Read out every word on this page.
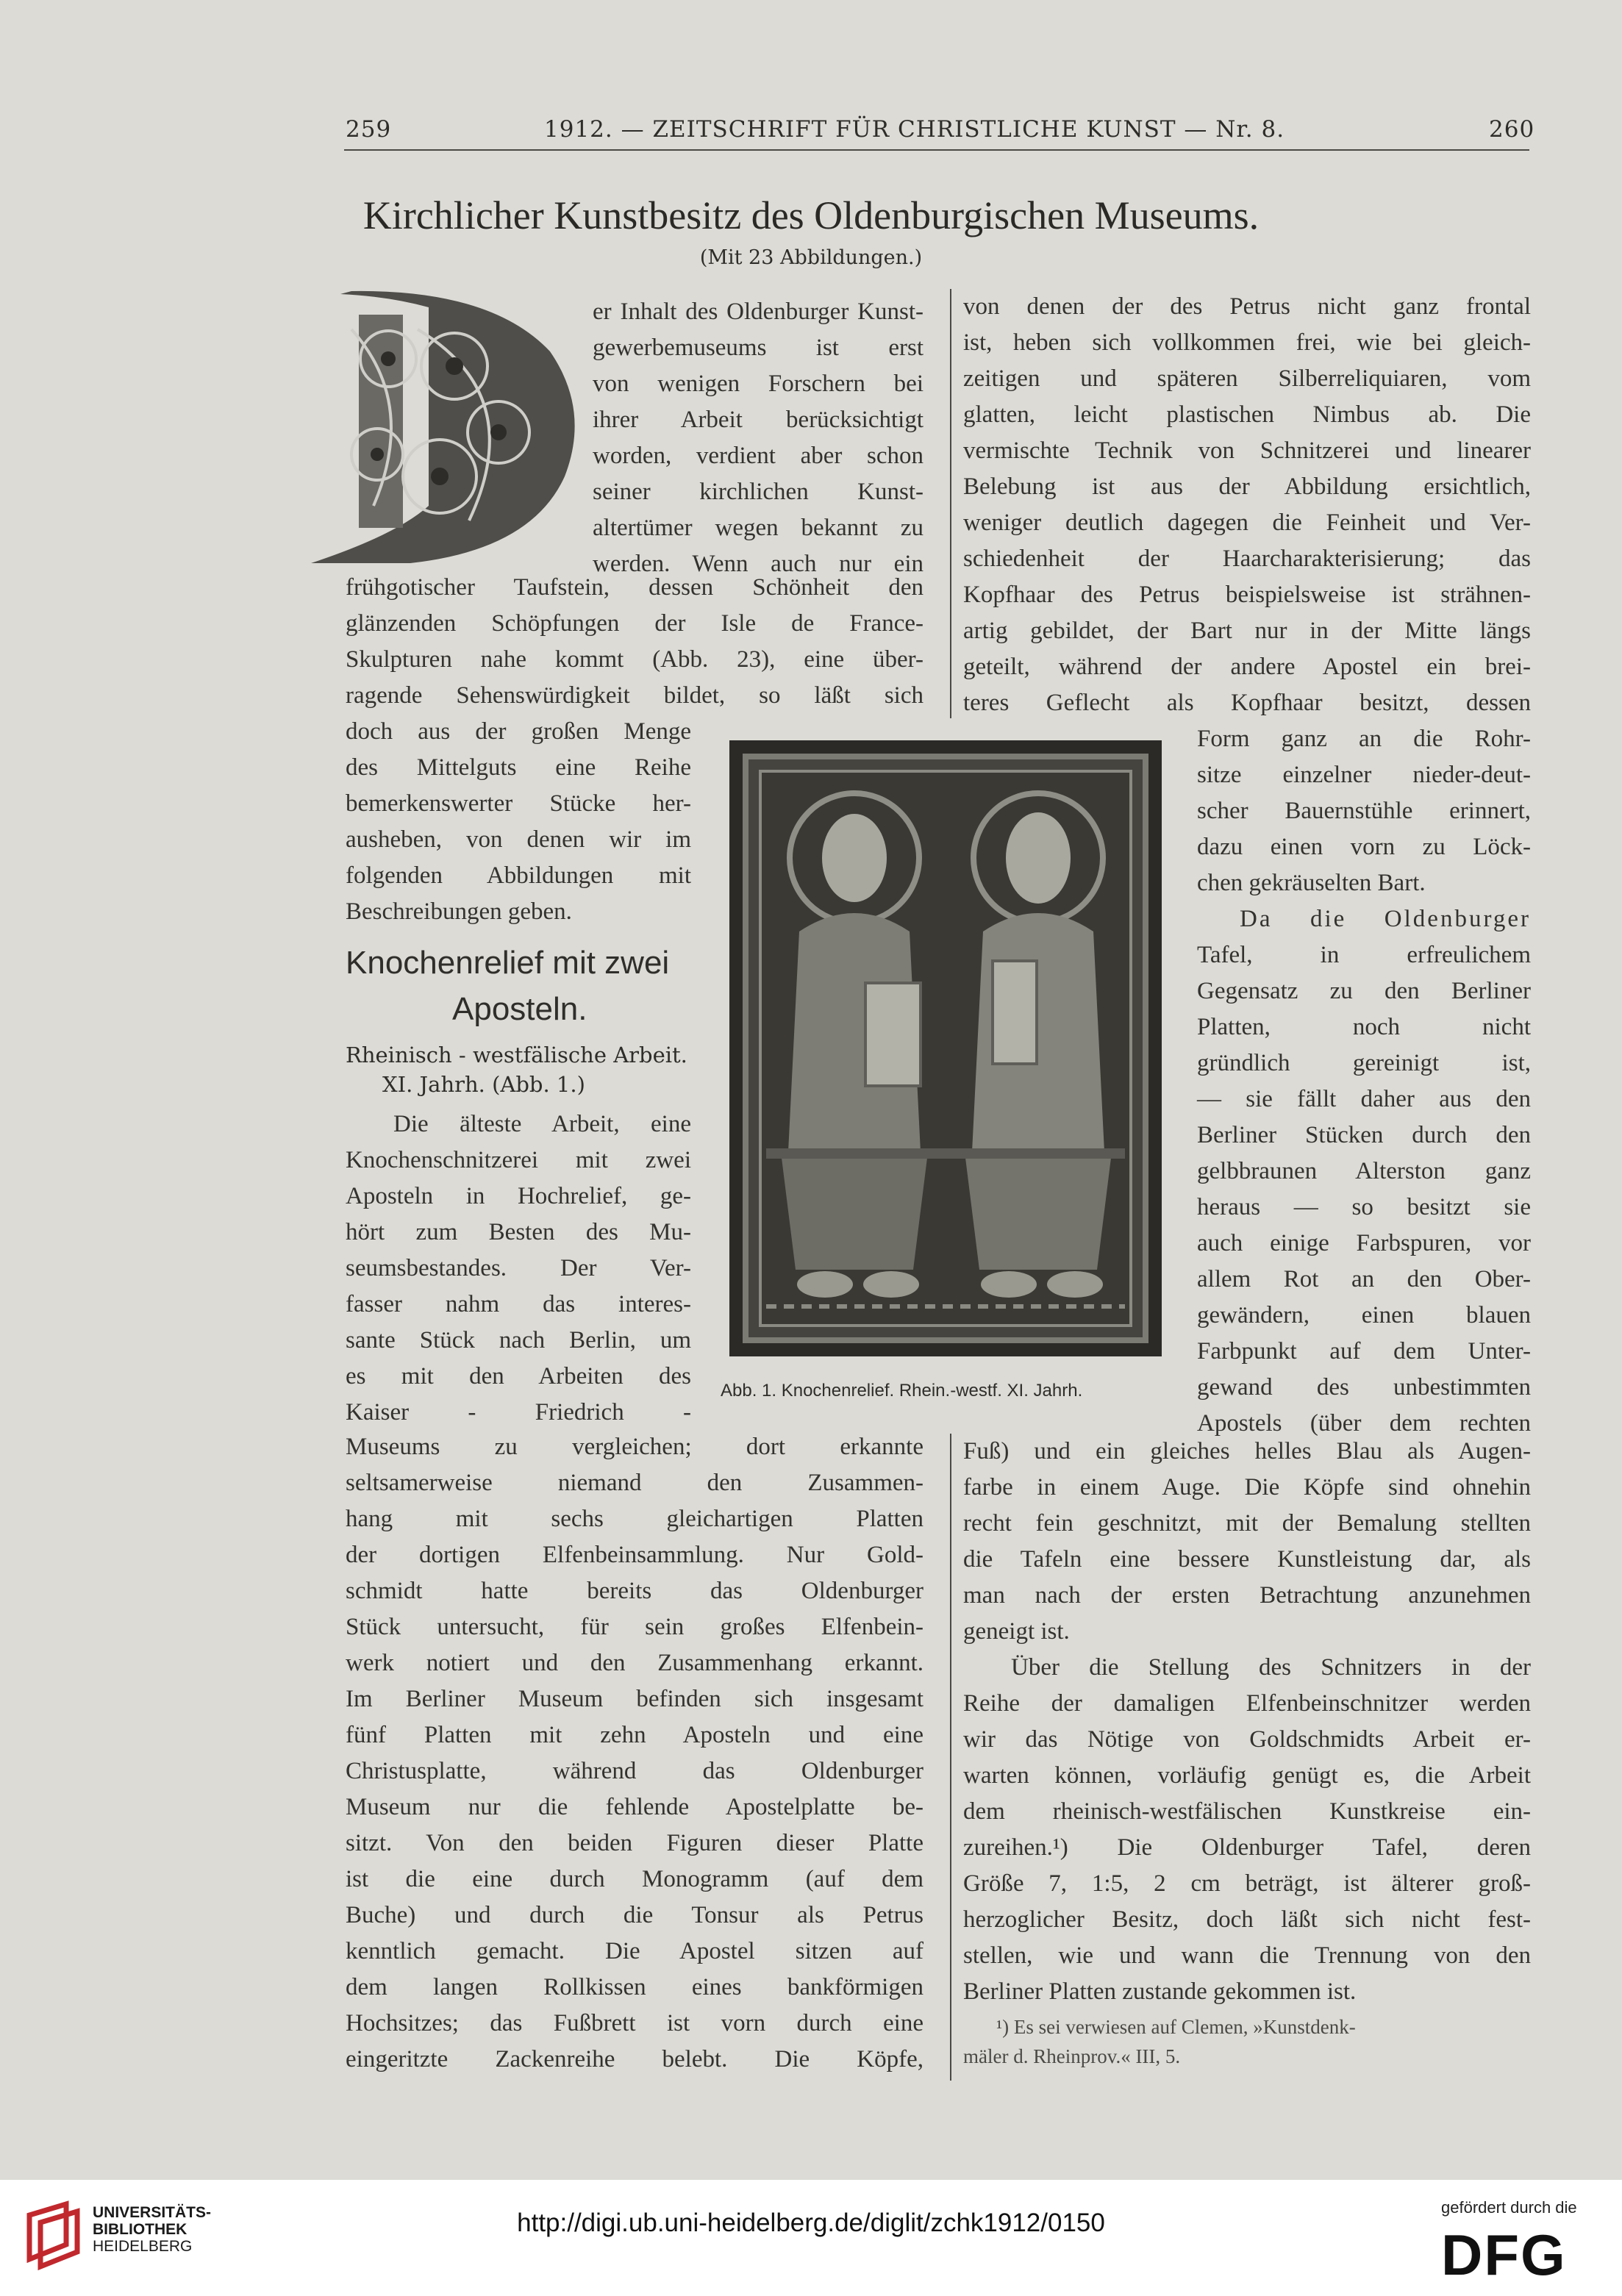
259	1912. — ZEITSCHRIFT FÜR CHRISTLICHE KUNST — Nr. 8.	260
Kirchlicher Kunstbesitz des Oldenburgischen Museums.
(Mit 23 Abbildungen.)
er Inhalt des Oldenburger Kunst-
gewerbemuseums ist erst
von wenigen Forschern bei
ihrer Arbeit berücksichtigt
worden, verdient aber schon
seiner kirchlichen Kunst-
altertümer wegen bekannt zu
werden. Wenn auch nur ein
frühgotischer Taufstein, dessen Schönheit den
glänzenden Schöpfungen der Isle de France-
Skulpturen nahe kommt (Abb. 23), eine über-
ragende Sehenswürdigkeit bildet, so läßt sich
doch aus der großen Menge
des Mittelguts eine Reihe
bemerkenswerter Stücke her-
ausheben, von denen wir im
folgenden Abbildungen mit
Beschreibungen geben.
Knochenrelief mit zwei
Aposteln.
Rheinisch - westfälische Arbeit.
XI. Jahrh. (Abb. 1.)
Die älteste Arbeit, eine
Knochenschnitzerei mit zwei
Aposteln in Hochrelief, ge-
hört zum Besten des Mu-
seumsbestandes. Der Ver-
fasser nahm das interes-
sante Stück nach Berlin, um
es mit den Arbeiten des
Kaiser - Friedrich -
Museums zu vergleichen; dort erkannte
seltsamerweise niemand den Zusammen-
hang mit sechs gleichartigen Platten
der dortigen Elfenbeinsammlung. Nur Gold-
schmidt hatte bereits das Oldenburger
Stück untersucht, für sein großes Elfenbein-
werk notiert und den Zusammenhang erkannt.
Im Berliner Museum befinden sich insgesamt
fünf Platten mit zehn Aposteln und eine
Christusplatte, während das Oldenburger
Museum nur die fehlende Apostelplatte be-
sitzt. Von den beiden Figuren dieser Platte
ist die eine durch Monogramm (auf dem
Buche) und durch die Tonsur als Petrus
kenntlich gemacht. Die Apostel sitzen auf
dem langen Rollkissen eines bankförmigen
Hochsitzes; das Fußbrett ist vorn durch eine
eingeritzte Zackenreihe belebt. Die Köpfe,
von denen der des Petrus nicht ganz frontal
ist, heben sich vollkommen frei, wie bei gleich-
zeitigen und späteren Silberreliquiaren, vom
glatten, leicht plastischen Nimbus ab. Die
vermischte Technik von Schnitzerei und linearer
Belebung ist aus der Abbildung ersichtlich,
weniger deutlich dagegen die Feinheit und Ver-
schiedenheit der Haarcharakterisierung; das
Kopfhaar des Petrus beispielsweise ist strähnen-
artig gebildet, der Bart nur in der Mitte längs
geteilt, während der andere Apostel ein brei-
teres Geflecht als Kopfhaar besitzt, dessen
Form ganz an die Rohr-
sitze einzelner nieder-deut-
scher Bauernstühle erinnert,
dazu einen vorn zu Löck-
chen gekräuselten Bart.
Da die Oldenburger
Tafel, in erfreulichem
Gegensatz zu den Berliner
Platten, noch nicht
gründlich gereinigt ist,
— sie fällt daher aus den
Berliner Stücken durch den
gelbbraunen Alterston ganz
heraus — so besitzt sie
auch einige Farbspuren, vor
allem Rot an den Ober-
gewändern, einen blauen
Farbpunkt auf dem Unter-
gewand des unbestimmten
Apostels (über dem rechten
Fuß) und ein gleiches helles Blau als Augen-
farbe in einem Auge. Die Köpfe sind ohnehin
recht fein geschnitzt, mit der Bemalung stellten
die Tafeln eine bessere Kunstleistung dar, als
man nach der ersten Betrachtung anzunehmen
geneigt ist.
Über die Stellung des Schnitzers in der
Reihe der damaligen Elfenbeinschnitzer werden
wir das Nötige von Goldschmidts Arbeit er-
warten können, vorläufig genügt es, die Arbeit
dem rheinisch-westfälischen Kunstkreise ein-
zureihen.¹) Die Oldenburger Tafel, deren
Größe 7, 1:5, 2 cm beträgt, ist älterer groß-
herzoglicher Besitz, doch läßt sich nicht fest-
stellen, wie und wann die Trennung von den
Berliner Platten zustande gekommen ist.
¹) Es sei verwiesen auf Clemen, »Kunstdenk-
mäler d. Rheinprov.« III, 5.
Abb. 1. Knochenrelief. Rhein.-westf. XI. Jahrh.
UNIVERSITÄTS-
BIBLIOTHEK
HEIDELBERG
http://digi.ub.uni-heidelberg.de/diglit/zchk1912/0150
gefördert durch die
DFG
